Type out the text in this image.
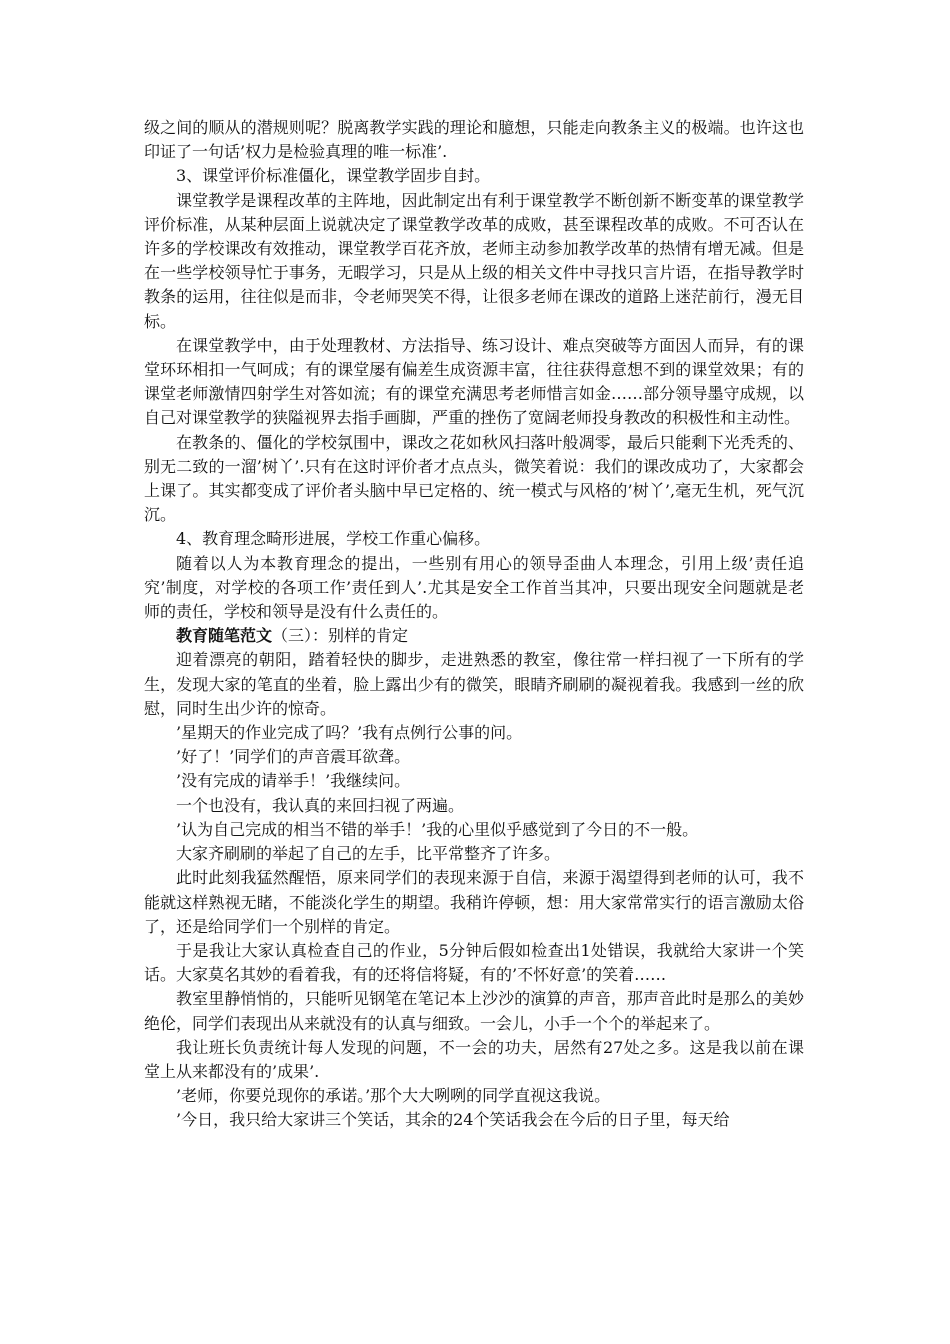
级之间的顺从的潜规则呢？脱离教学实践的理论和臆想，只能走向教条主义的极端。也许这也印证了一句话’权力是检验真理的唯一标准’.

3、课堂评价标准僵化，课堂教学固步自封。

课堂教学是课程改革的主阵地，因此制定出有利于课堂教学不断创新不断变革的课堂教学评价标准，从某种层面上说就决定了课堂教学改革的成败，甚至课程改革的成败。不可否认在许多的学校课改有效推动，课堂教学百花齐放，老师主动参加教学改革的热情有增无减。但是在一些学校领导忙于事务，无暇学习，只是从上级的相关文件中寻找只言片语，在指导教学时教条的运用，往往似是而非，令老师哭笑不得，让很多老师在课改的道路上迷茫前行，漫无目标。

在课堂教学中，由于处理教材、方法指导、练习设计、难点突破等方面因人而异，有的课堂环环相扣一气呵成；有的课堂屡有偏差生成资源丰富，往往获得意想不到的课堂效果；有的课堂老师激情四射学生对答如流；有的课堂充满思考老师惜言如金……部分领导墨守成规，以自己对课堂教学的狭隘视界去指手画脚，严重的挫伤了宽阔老师投身教改的积极性和主动性。

在教条的、僵化的学校氛围中，课改之花如秋风扫落叶般凋零，最后只能剩下光秃秃的、别无二致的一溜’树丫’.只有在这时评价者才点点头，微笑着说：我们的课改成功了，大家都会上课了。其实都变成了评价者头脑中早已定格的、统一模式与风格的’树丫’,毫无生机，死气沉沉。

4、教育理念畸形进展，学校工作重心偏移。

随着以人为本教育理念的提出，一些别有用心的领导歪曲人本理念，引用上级’责任追究’制度，对学校的各项工作’责任到人’.尤其是安全工作首当其冲，只要出现安全问题就是老师的责任，学校和领导是没有什么责任的。

教育随笔范文（三）：别样的肯定

迎着漂亮的朝阳，踏着轻快的脚步，走进熟悉的教室，像往常一样扫视了一下所有的学生，发现大家的笔直的坐着，脸上露出少有的微笑，眼睛齐刷刷的凝视着我。我感到一丝的欣慰，同时生出少许的惊奇。

’星期天的作业完成了吗？’我有点例行公事的问。

’好了！’同学们的声音震耳欲聋。

’没有完成的请举手！’我继续问。

一个也没有，我认真的来回扫视了两遍。

’认为自己完成的相当不错的举手！’我的心里似乎感觉到了今日的不一般。

大家齐刷刷的举起了自己的左手，比平常整齐了许多。

此时此刻我猛然醒悟，原来同学们的表现来源于自信，来源于渴望得到老师的认可，我不能就这样熟视无睹，不能淡化学生的期望。我稍许停顿，想：用大家常常实行的语言激励太俗了，还是给同学们一个别样的肯定。

于是我让大家认真检查自己的作业，5分钟后假如检查出1处错误，我就给大家讲一个笑话。大家莫名其妙的看着我，有的还将信将疑，有的’不怀好意’的笑着……

教室里静悄悄的，只能听见钢笔在笔记本上沙沙的演算的声音，那声音此时是那么的美妙绝伦，同学们表现出从来就没有的认真与细致。一会儿，小手一个个的举起来了。

我让班长负责统计每人发现的问题，不一会的功夫，居然有27处之多。这是我以前在课堂上从来都没有的’成果’.

’老师，你要兑现你的承诺。’那个大大咧咧的同学直视这我说。

’今日，我只给大家讲三个笑话，其余的24个笑话我会在今后的日子里，每天给
